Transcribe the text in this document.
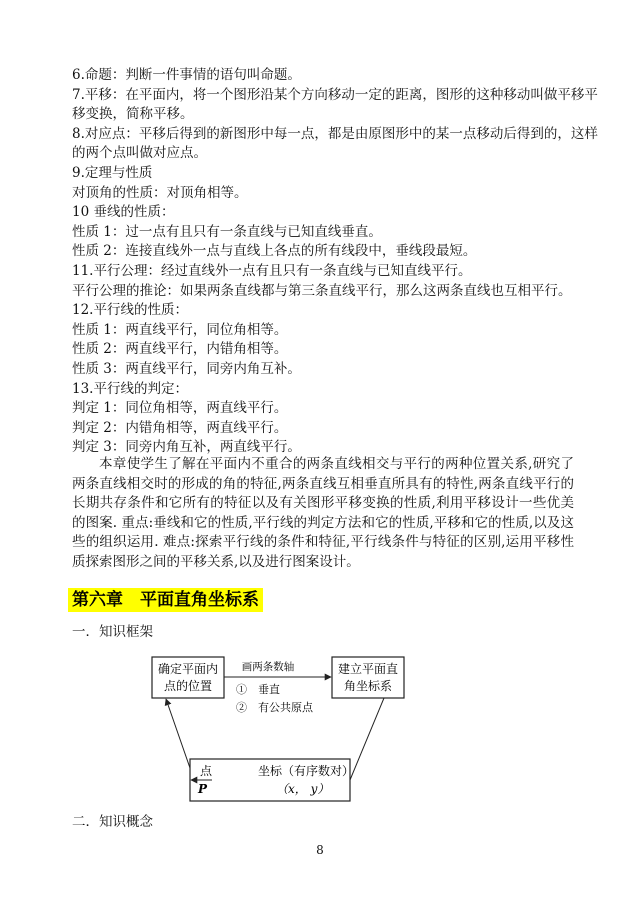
6.命题：判断一件事情的语句叫命题。
7.平移：在平面内，将一个图形沿某个方向移动一定的距离，图形的这种移动叫做平移平
移变换，简称平移。
8.对应点：平移后得到的新图形中每一点，都是由原图形中的某一点移动后得到的，这样
的两个点叫做对应点。
9.定理与性质
对顶角的性质：对顶角相等。
10 垂线的性质：
性质 1：过一点有且只有一条直线与已知直线垂直。
性质 2：连接直线外一点与直线上各点的所有线段中，垂线段最短。
11.平行公理：经过直线外一点有且只有一条直线与已知直线平行。
平行公理的推论：如果两条直线都与第三条直线平行，那么这两条直线也互相平行。
12.平行线的性质：
性质 1：两直线平行，同位角相等。
性质 2：两直线平行，内错角相等。
性质 3：两直线平行，同旁内角互补。
13.平行线的判定：
判定 1：同位角相等，两直线平行。
判定 2：内错角相等，两直线平行。
判定 3：同旁内角互补，两直线平行。
本章使学生了解在平面内不重合的两条直线相交与平行的两种位置关系,研究了两条直线相交时的形成的角的特征,两条直线互相垂直所具有的特性,两条直线平行的长期共存条件和它所有的特征以及有关图形平移变换的性质,利用平移设计一些优美的图案. 重点:垂线和它的性质,平行线的判定方法和它的性质,平移和它的性质,以及这些的组织运用. 难点:探索平行线的条件和特征,平行线条件与特征的区别,运用平移性质探索图形之间的平移关系,以及进行图案设计。
第六章　平面直角坐标系
一．知识框架
确定平面内
点的位置
建立平面直
角坐标系
画两条数轴
①　垂直
②　有公共原点
点
P
坐标（有序数对）
（x， y）
二．知识概念
8
